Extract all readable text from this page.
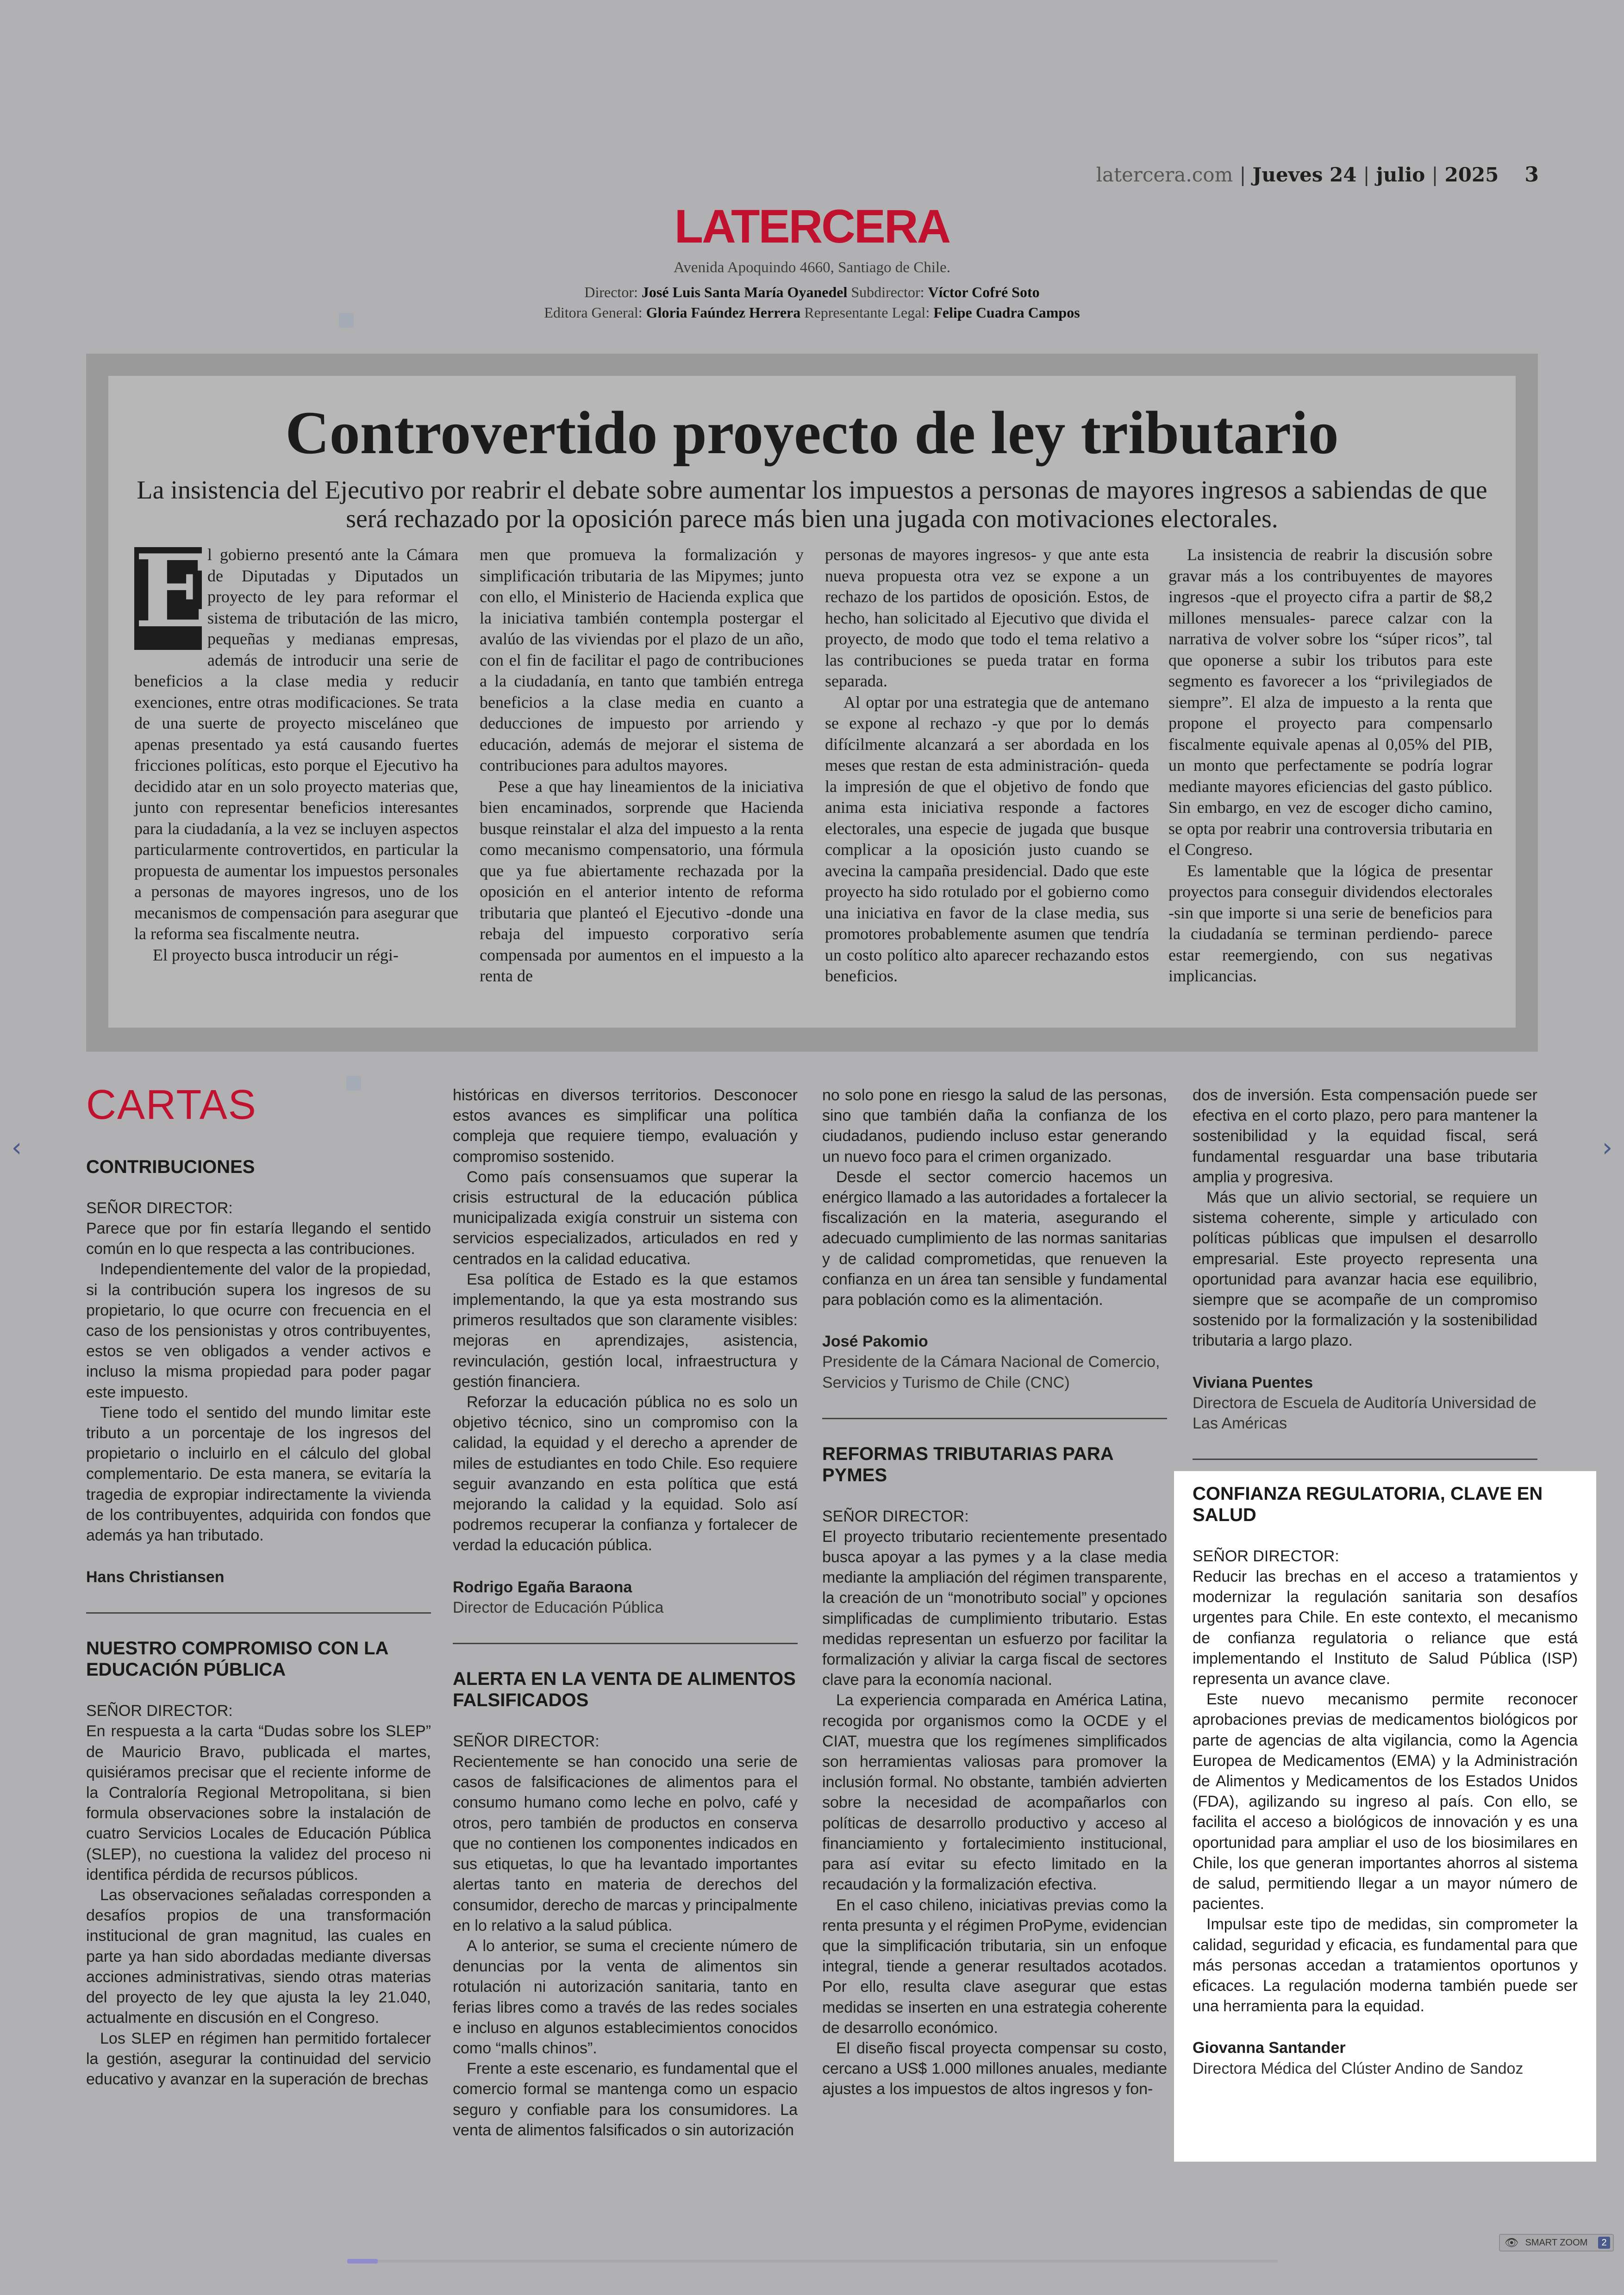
latercera.com | Jueves 24 | julio | 2025 3
LATERCERA
Avenida Apoquindo 4660, Santiago de Chile.
Director: José Luis Santa María Oyanedel Subdirector: Víctor Cofré Soto
Editora General: Gloria Faúndez Herrera Representante Legal: Felipe Cuadra Campos
Controvertido proyecto de ley tributario
La insistencia del Ejecutivo por reabrir el debate sobre aumentar los impuestos a personas de mayores ingresos a sabiendas de que será rechazado por la oposición parece más bien una jugada con motivaciones electorales.

E
l gobierno presentó ante la Cámara de Diputadas y Diputados un proyecto de ley para reformar el sistema de tributación de las micro, pequeñas y medianas empresas, además de introducir una serie de beneficios a la clase media y reducir exenciones, entre otras modificaciones. Se trata de una suerte de proyecto misceláneo que apenas presentado ya está causando fuertes fricciones políticas, esto porque el Ejecutivo ha decidido atar en un solo proyecto materias que, junto con representar beneficios interesantes para la ciudadanía, a la vez se incluyen aspectos particularmente controvertidos, en particular la propuesta de aumentar los impuestos personales a personas de mayores ingresos, uno de los mecanismos de compensación para asegurar que la reforma sea fiscalmente neutra.

El proyecto busca introducir un régi-

men que promueva la formalización y simplificación tributaria de las Mipymes; junto con ello, el Ministerio de Hacienda explica que la iniciativa también contempla postergar el avalúo de las viviendas por el plazo de un año, con el fin de facilitar el pago de contribuciones a la ciudadanía, en tanto que también entrega beneficios a la clase media en cuanto a deducciones de impuesto por arriendo y educación, además de mejorar el sistema de contribuciones para adultos mayores.

Pese a que hay lineamientos de la iniciativa bien encaminados, sorprende que Hacienda busque reinstalar el alza del impuesto a la renta como mecanismo compensatorio, una fórmula que ya fue abiertamente rechazada por la oposición en el anterior intento de reforma tributaria que planteó el Ejecutivo -donde una rebaja del impuesto corporativo sería compensada por aumentos en el impuesto a la renta de

personas de mayores ingresos- y que ante esta nueva propuesta otra vez se expone a un rechazo de los partidos de oposición. Estos, de hecho, han solicitado al Ejecutivo que divida el proyecto, de modo que todo el tema relativo a las contribuciones se pueda tratar en forma separada.

Al optar por una estrategia que de antemano se expone al rechazo -y que por lo demás difícilmente alcanzará a ser abordada en los meses que restan de esta administración- queda la impresión de que el objetivo de fondo que anima esta iniciativa responde a factores electorales, una especie de jugada que busque complicar a la oposición justo cuando se avecina la campaña presidencial. Dado que este proyecto ha sido rotulado por el gobierno como una iniciativa en favor de la clase media, sus promotores probablemente asumen que tendría un costo político alto aparecer rechazando estos beneficios.

La insistencia de reabrir la discusión sobre gravar más a los contribuyentes de mayores ingresos -que el proyecto cifra a partir de $8,2 millones mensuales- parece calzar con la narrativa de volver sobre los “súper ricos”, tal que oponerse a subir los tributos para este segmento es favorecer a los “privilegiados de siempre”. El alza de impuesto a la renta que propone el proyecto para compensarlo fiscalmente equivale apenas al 0,05% del PIB, un monto que perfectamente se podría lograr mediante mayores eficiencias del gasto público. Sin embargo, en vez de escoger dicho camino, se opta por reabrir una controversia tributaria en el Congreso.

Es lamentable que la lógica de presentar proyectos para conseguir dividendos electorales -sin que importe si una serie de beneficios para la ciudadanía se terminan perdiendo- parece estar reemergiendo, con sus negativas implicancias.

CARTAS
CONTRIBUCIONES
SEÑOR DIRECTOR:

Parece que por fin estaría llegando el sentido común en lo que respecta a las contribuciones.

Independientemente del valor de la propiedad, si la contribución supera los ingresos de su propietario, lo que ocurre con frecuencia en el caso de los pensionistas y otros contribuyentes, estos se ven obligados a vender activos e incluso la misma propiedad para poder pagar este impuesto.

Tiene todo el sentido del mundo limitar este tributo a un porcentaje de los ingresos del propietario o incluirlo en el cálculo del global complementario. De esta manera, se evitaría la tragedia de expropiar indirectamente la vivienda de los contribuyentes, adquirida con fondos que además ya han tributado.

Hans Christiansen

NUESTRO COMPROMISO CON LA EDUCACIÓN PÚBLICA
SEÑOR DIRECTOR:

En respuesta a la carta “Dudas sobre los SLEP” de Mauricio Bravo, publicada el martes, quisiéramos precisar que el reciente informe de la Contraloría Regional Metropolitana, si bien formula observaciones sobre la instalación de cuatro Servicios Locales de Educación Pública (SLEP), no cuestiona la validez del proceso ni identifica pérdida de recursos públicos.

Las observaciones señaladas corresponden a desafíos propios de una transformación institucional de gran magnitud, las cuales en parte ya han sido abordadas mediante diversas acciones administrativas, siendo otras materias del proyecto de ley que ajusta la ley 21.040, actualmente en discusión en el Congreso.

Los SLEP en régimen han permitido fortalecer la gestión, asegurar la continuidad del servicio educativo y avanzar en la superación de brechas

históricas en diversos territorios. Desconocer estos avances es simplificar una política compleja que requiere tiempo, evaluación y compromiso sostenido.

Como país consensuamos que superar la crisis estructural de la educación pública municipalizada exigía construir un sistema con servicios especializados, articulados en red y centrados en la calidad educativa.

Esa política de Estado es la que estamos implementando, la que ya esta mostrando sus primeros resultados que son claramente visibles: mejoras en aprendizajes, asistencia, revinculación, gestión local, infraestructura y gestión financiera.

Reforzar la educación pública no es solo un objetivo técnico, sino un compromiso con la calidad, la equidad y el derecho a aprender de miles de estudiantes en todo Chile. Eso requiere seguir avanzando en esta política que está mejorando la calidad y la equidad. Solo así podremos recuperar la confianza y fortalecer de verdad la educación pública.

Rodrigo Egaña Baraona

Director de Educación Pública

ALERTA EN LA VENTA DE ALIMENTOS FALSIFICADOS
SEÑOR DIRECTOR:

Recientemente se han conocido una serie de casos de falsificaciones de alimentos para el consumo humano como leche en polvo, café y otros, pero también de productos en conserva que no contienen los componentes indicados en sus etiquetas, lo que ha levantado importantes alertas tanto en materia de derechos del consumidor, derecho de marcas y principalmente en lo relativo a la salud pública.

A lo anterior, se suma el creciente número de denuncias por la venta de alimentos sin rotulación ni autorización sanitaria, tanto en ferias libres como a través de las redes sociales e incluso en algunos establecimientos conocidos como “malls chinos”.

Frente a este escenario, es fundamental que el comercio formal se mantenga como un espacio seguro y confiable para los consumidores. La venta de alimentos falsificados o sin autorización

no solo pone en riesgo la salud de las personas, sino que también daña la confianza de los ciudadanos, pudiendo incluso estar generando un nuevo foco para el crimen organizado.

Desde el sector comercio hacemos un enérgico llamado a las autoridades a fortalecer la fiscalización en la materia, asegurando el adecuado cumplimiento de las normas sanitarias y de calidad comprometidas, que renueven la confianza en un área tan sensible y fundamental para población como es la alimentación.

José Pakomio

Presidente de la Cámara Nacional de Comercio, Servicios y Turismo de Chile (CNC)

REFORMAS TRIBUTARIAS PARA PYMES
SEÑOR DIRECTOR:

El proyecto tributario recientemente presentado busca apoyar a las pymes y a la clase media mediante la ampliación del régimen transparente, la creación de un “monotributo social” y opciones simplificadas de cumplimiento tributario. Estas medidas representan un esfuerzo por facilitar la formalización y aliviar la carga fiscal de sectores clave para la economía nacional.

La experiencia comparada en América Latina, recogida por organismos como la OCDE y el CIAT, muestra que los regímenes simplificados son herramientas valiosas para promover la inclusión formal. No obstante, también advierten sobre la necesidad de acompañarlos con políticas de desarrollo productivo y acceso al financiamiento y fortalecimiento institucional, para así evitar su efecto limitado en la recaudación y la formalización efectiva.

En el caso chileno, iniciativas previas como la renta presunta y el régimen ProPyme, evidencian que la simplificación tributaria, sin un enfoque integral, tiende a generar resultados acotados. Por ello, resulta clave asegurar que estas medidas se inserten en una estrategia coherente de desarrollo económico.

El diseño fiscal proyecta compensar su costo, cercano a US$ 1.000 millones anuales, mediante ajustes a los impuestos de altos ingresos y fon-

dos de inversión. Esta compensación puede ser efectiva en el corto plazo, pero para mantener la sostenibilidad y la equidad fiscal, será fundamental resguardar una base tributaria amplia y progresiva.

Más que un alivio sectorial, se requiere un sistema coherente, simple y articulado con políticas públicas que impulsen el desarrollo empresarial. Este proyecto representa una oportunidad para avanzar hacia ese equilibrio, siempre que se acompañe de un compromiso sostenido por la formalización y la sostenibilidad tributaria a largo plazo.

Viviana Puentes

Directora de Escuela de Auditoría Universidad de Las Américas

CONFIANZA REGULATORIA, CLAVE EN SALUD
SEÑOR DIRECTOR:

Reducir las brechas en el acceso a tratamientos y modernizar la regulación sanitaria son desafíos urgentes para Chile. En este contexto, el mecanismo de confianza regulatoria o reliance que está implementando el Instituto de Salud Pública (ISP) representa un avance clave.

Este nuevo mecanismo permite reconocer aprobaciones previas de medicamentos biológicos por parte de agencias de alta vigilancia, como la Agencia Europea de Medicamentos (EMA) y la Administración de Alimentos y Medicamentos de los Estados Unidos (FDA), agilizando su ingreso al país. Con ello, se facilita el acceso a biológicos de innovación y es una oportunidad para ampliar el uso de los biosimilares en Chile, los que generan importantes ahorros al sistema de salud, permitiendo llegar a un mayor número de pacientes.

Impulsar este tipo de medidas, sin comprometer la calidad, seguridad y eficacia, es fundamental para que más personas accedan a tratamientos oportunos y eficaces. La regulación moderna también puede ser una herramienta para la equidad.

Giovanna Santander

Directora Médica del Clúster Andino de Sandoz

‹	›
👁 SMART ZOOM	2
